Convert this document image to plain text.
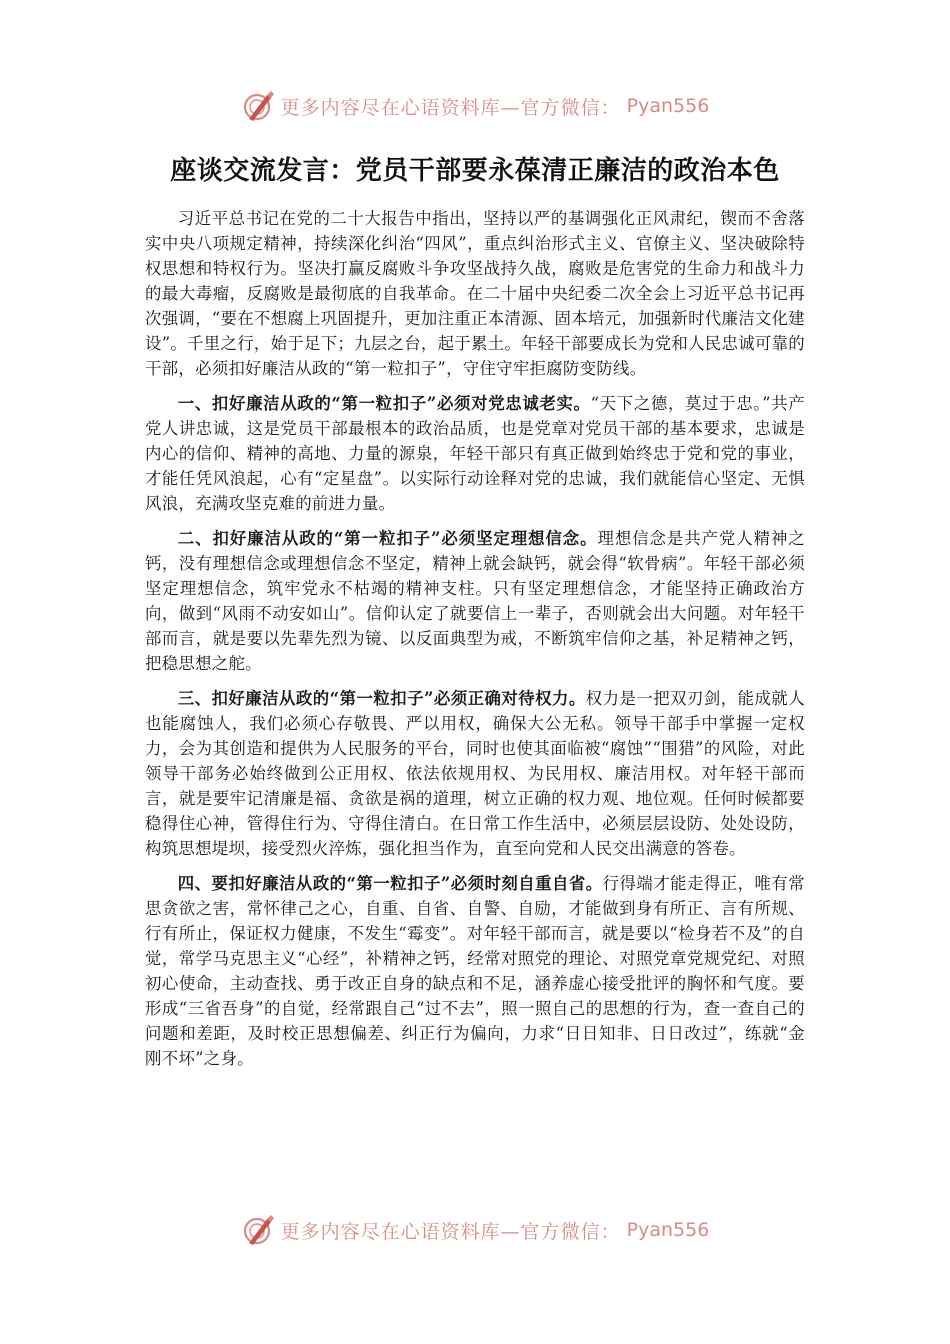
更多内容尽在心语资料库—官方微信： Pyan556
座谈交流发言：党员干部要永葆清正廉洁的政治本色

习近平总书记在党的二十大报告中指出，坚持以严的基调强化正风肃纪，锲而不舍落实中央八项规定精神，持续深化纠治“四风”，重点纠治形式主义、官僚主义、坚决破除特权思想和特权行为。坚决打赢反腐败斗争攻坚战持久战，腐败是危害党的生命力和战斗力的最大毒瘤，反腐败是最彻底的自我革命。在二十届中央纪委二次全会上习近平总书记再次强调，“要在不想腐上巩固提升，更加注重正本清源、固本培元，加强新时代廉洁文化建设”。千里之行，始于足下；九层之台，起于累土。年轻干部要成长为党和人民忠诚可靠的干部，必须扣好廉洁从政的“第一粒扣子”，守住守牢拒腐防变防线。

一、扣好廉洁从政的“第一粒扣子”必须对党忠诚老实。“天下之德，莫过于忠。”共产党人讲忠诚，这是党员干部最根本的政治品质，也是党章对党员干部的基本要求，忠诚是内心的信仰、精神的高地、力量的源泉，年轻干部只有真正做到始终忠于党和党的事业，才能任凭风浪起，心有“定星盘”。以实际行动诠释对党的忠诚，我们就能信心坚定、无惧风浪，充满攻坚克难的前进力量。

二、扣好廉洁从政的“第一粒扣子”必须坚定理想信念。理想信念是共产党人精神之钙，没有理想信念或理想信念不坚定，精神上就会缺钙，就会得“软骨病”。年轻干部必须坚定理想信念，筑牢党永不枯竭的精神支柱。只有坚定理想信念，才能坚持正确政治方向，做到“风雨不动安如山”。信仰认定了就要信上一辈子，否则就会出大问题。对年轻干部而言，就是要以先辈先烈为镜、以反面典型为戒，不断筑牢信仰之基，补足精神之钙，把稳思想之舵。

三、扣好廉洁从政的“第一粒扣子”必须正确对待权力。权力是一把双刃剑，能成就人也能腐蚀人，我们必须心存敬畏、严以用权，确保大公无私。领导干部手中掌握一定权力，会为其创造和提供为人民服务的平台，同时也使其面临被“腐蚀”“围猎”的风险，对此领导干部务必始终做到公正用权、依法依规用权、为民用权、廉洁用权。对年轻干部而言，就是要牢记清廉是福、贪欲是祸的道理，树立正确的权力观、地位观。任何时候都要稳得住心神，管得住行为、守得住清白。在日常工作生活中，必须层层设防、处处设防，构筑思想堤坝，接受烈火淬炼，强化担当作为，直至向党和人民交出满意的答卷。

四、要扣好廉洁从政的“第一粒扣子”必须时刻自重自省。行得端才能走得正，唯有常思贪欲之害，常怀律己之心，自重、自省、自警、自励，才能做到身有所正、言有所规、行有所止，保证权力健康，不发生“霉变”。对年轻干部而言，就是要以“检身若不及”的自觉，常学马克思主义“心经”，补精神之钙，经常对照党的理论、对照党章党规党纪、对照初心使命，主动查找、勇于改正自身的缺点和不足，涵养虚心接受批评的胸怀和气度。要形成“三省吾身”的自觉，经常跟自己“过不去”，照一照自己的思想的行为，查一查自己的问题和差距，及时校正思想偏差、纠正行为偏向，力求“日日知非、日日改过”，练就“金刚不坏”之身。

更多内容尽在心语资料库—官方微信： Pyan556
